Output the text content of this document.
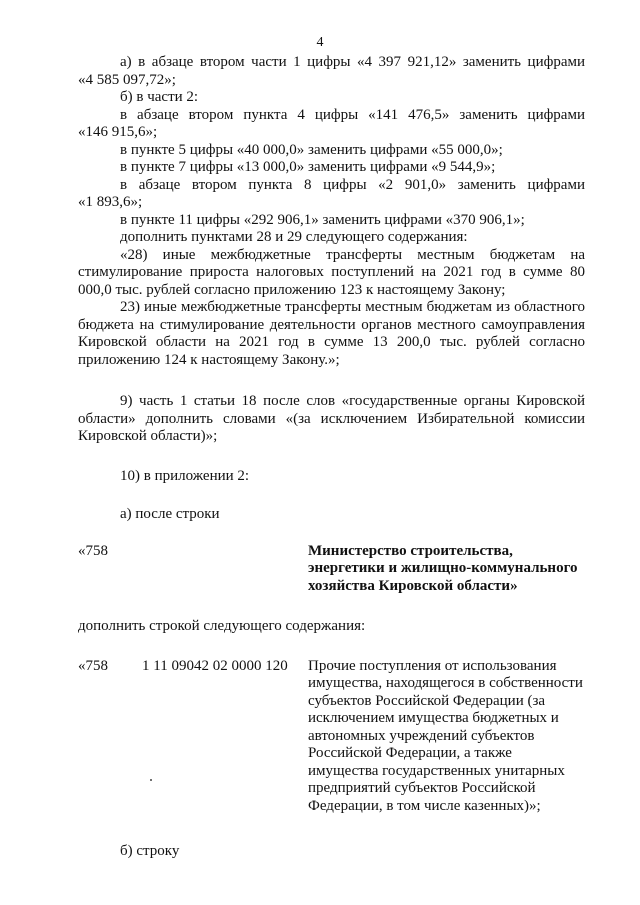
4

а) в абзаце втором части 1 цифры «4 397 921,12» заменить цифрами

«4 585 097,72»;

б) в части 2:

в абзаце втором пункта 4 цифры «141 476,5» заменить цифрами

«146 915,6»;

в пункте 5 цифры «40 000,0» заменить цифрами «55 000,0»;

в пункте 7 цифры «13 000,0» заменить цифрами «9 544,9»;

в абзаце втором пункта 8 цифры «2 901,0» заменить цифрами

«1 893,6»;

в пункте 11 цифры «292 906,1» заменить цифрами «370 906,1»;

дополнить пунктами 28 и 29 следующего содержания:

«28) иные межбюджетные трансферты местным бюджетам на стимулирование прироста налоговых поступлений на 2021 год в сумме 80 000,0 тыс. рублей согласно приложению 123 к настоящему Закону;

23) иные межбюджетные трансферты местным бюджетам из областного бюджета на стимулирование деятельности органов местного самоуправления Кировской области на 2021 год в сумме 13 200,0 тыс. рублей согласно приложению 124 к настоящему Закону.»;

9) часть 1 статьи 18 после слов «государственные органы Кировской области» дополнить словами «(за исключением Избирательной комиссии Кировской области)»;

10) в приложении 2:

а) после строки

«758	Министерство строительства, энергетики и жилищно-коммунального хозяйства Кировской области»

дополнить строкой следующего содержания:

«758	1 11 09042 02 0000 120 Прочие поступления от использования имущества, находящегося в собственности субъектов Российской Федерации (за исключением имущества бюджетных и автономных учреждений субъектов Российской Федерации, а также имущества государственных унитарных предприятий субъектов Российской Федерации, в том числе казенных)»;

б) строку
